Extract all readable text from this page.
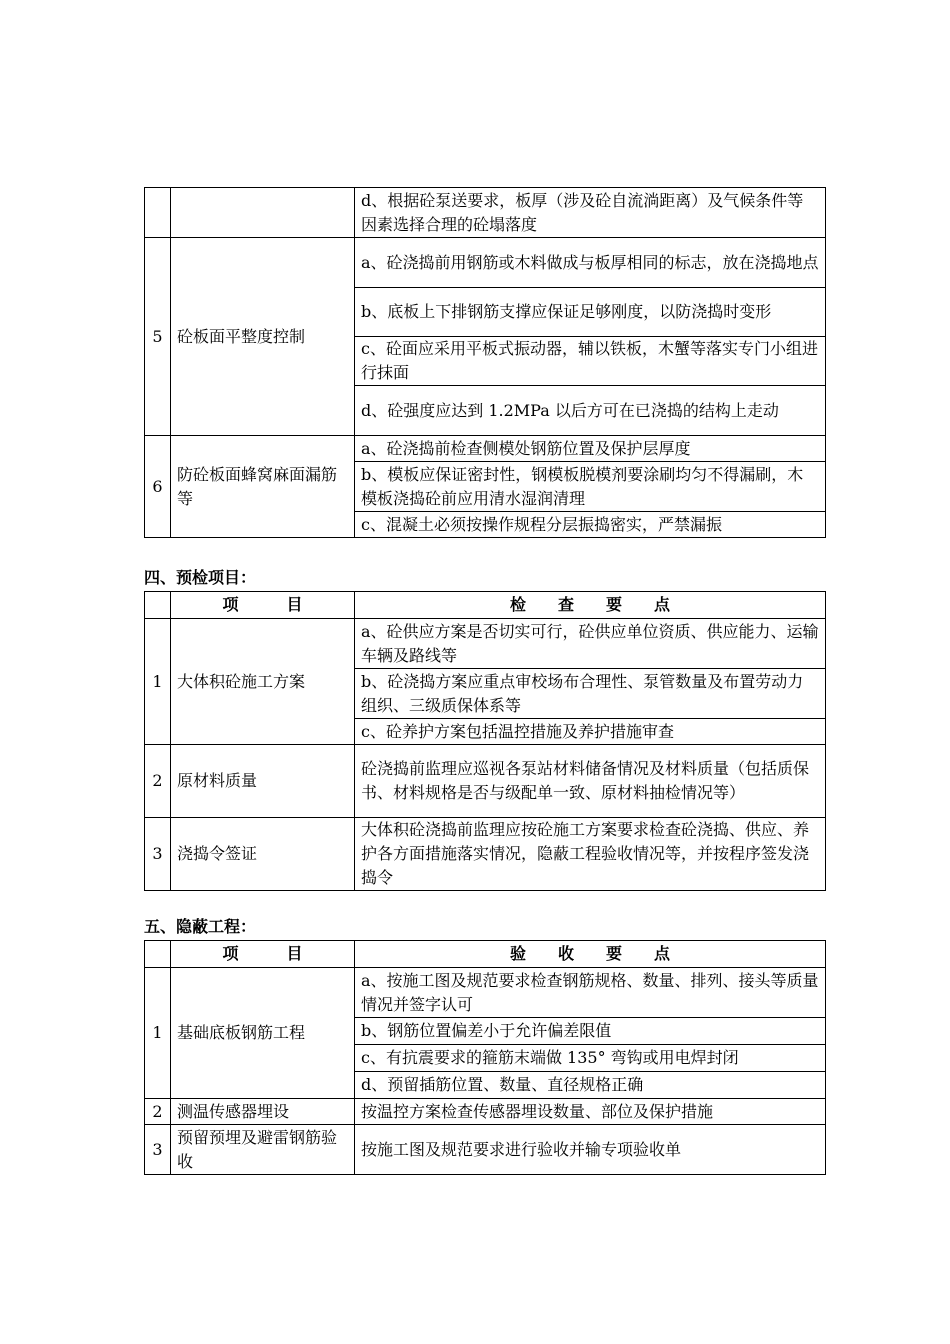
		d、根据砼泵送要求，板厚（涉及砼自流淌距离）及气候条件等因素选择合理的砼塌落度
5	砼板面平整度控制	a、砼浇捣前用钢筋或木料做成与板厚相同的标志，放在浇捣地点
		b、底板上下排钢筋支撑应保证足够刚度，以防浇捣时变形
		c、砼面应采用平板式振动器，辅以铁板，木蟹等落实专门小组进行抹面
		d、砼强度应达到 1.2MPa 以后方可在已浇捣的结构上走动
6	防砼板面蜂窝麻面漏筋等	a、砼浇捣前检查侧模处钢筋位置及保护层厚度
		b、模板应保证密封性，钢模板脱模剂要涂刷均匀不得漏刷，木模板浇捣砼前应用清水湿润清理
		c、混凝土必须按操作规程分层振捣密实，严禁漏振
四、预检项目：
	项　　　目	检　　查　　要　　点
1	大体积砼施工方案	a、砼供应方案是否切实可行，砼供应单位资质、供应能力、运输车辆及路线等
		b、砼浇捣方案应重点审校场布合理性、泵管数量及布置劳动力组织、三级质保体系等
		c、砼养护方案包括温控措施及养护措施审查
2	原材料质量	砼浇捣前监理应巡视各泵站材料储备情况及材料质量（包括质保书、材料规格是否与级配单一致、原材料抽检情况等）
3	浇捣令签证	大体积砼浇捣前监理应按砼施工方案要求检查砼浇捣、供应、养护各方面措施落实情况，隐蔽工程验收情况等，并按程序签发浇捣令
五、隐蔽工程：
	项　　　目	验　　收　　要　　点
1	基础底板钢筋工程	a、按施工图及规范要求检查钢筋规格、数量、排列、接头等质量情况并签字认可
		b、钢筋位置偏差小于允许偏差限值
		c、有抗震要求的箍筋末端做 135° 弯钩或用电焊封闭
		d、预留插筋位置、数量、直径规格正确
2	测温传感器埋设	按温控方案检查传感器埋设数量、部位及保护措施
3	预留预埋及避雷钢筋验收	按施工图及规范要求进行验收并输专项验收单
